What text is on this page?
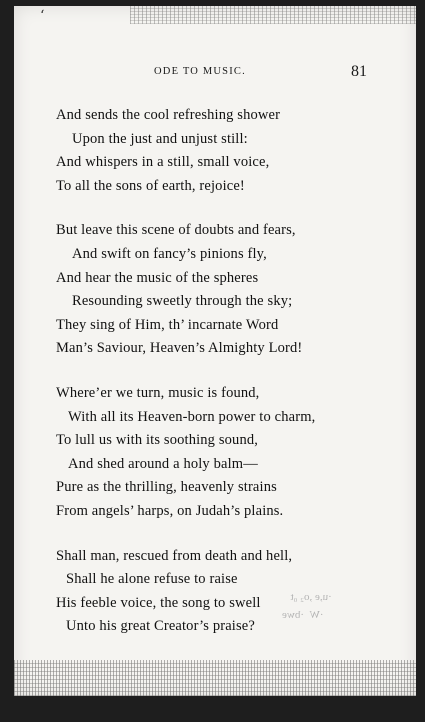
‘
ODE TO MUSIC.	81
And sends the cool refreshing shower
Upon the just and unjust still:
And whispers in a still, small voice,
To all the sons of earth, rejoice!
But leave this scene of doubts and fears,
And swift on fancy’s pinions fly,
And hear the music of the spheres
Resounding sweetly through the sky;
They sing of Him, th’ incarnate Word
Man’s Saviour, Heaven’s Almighty Lord!
Where’er we turn, music is found,
With all its Heaven-born power to charm,
To lull us with its soothing sound,
And shed around a holy balm—
Pure as the thrilling, heavenly strains
From angels’ harps, on Judah’s plains.
Shall man, rescued from death and hell,
Shall he alone refuse to raise
His feeble voice, the song to swell
Unto his great Creator’s praise?
·u,e ,o₂ ₀t
·W  ·bwe
